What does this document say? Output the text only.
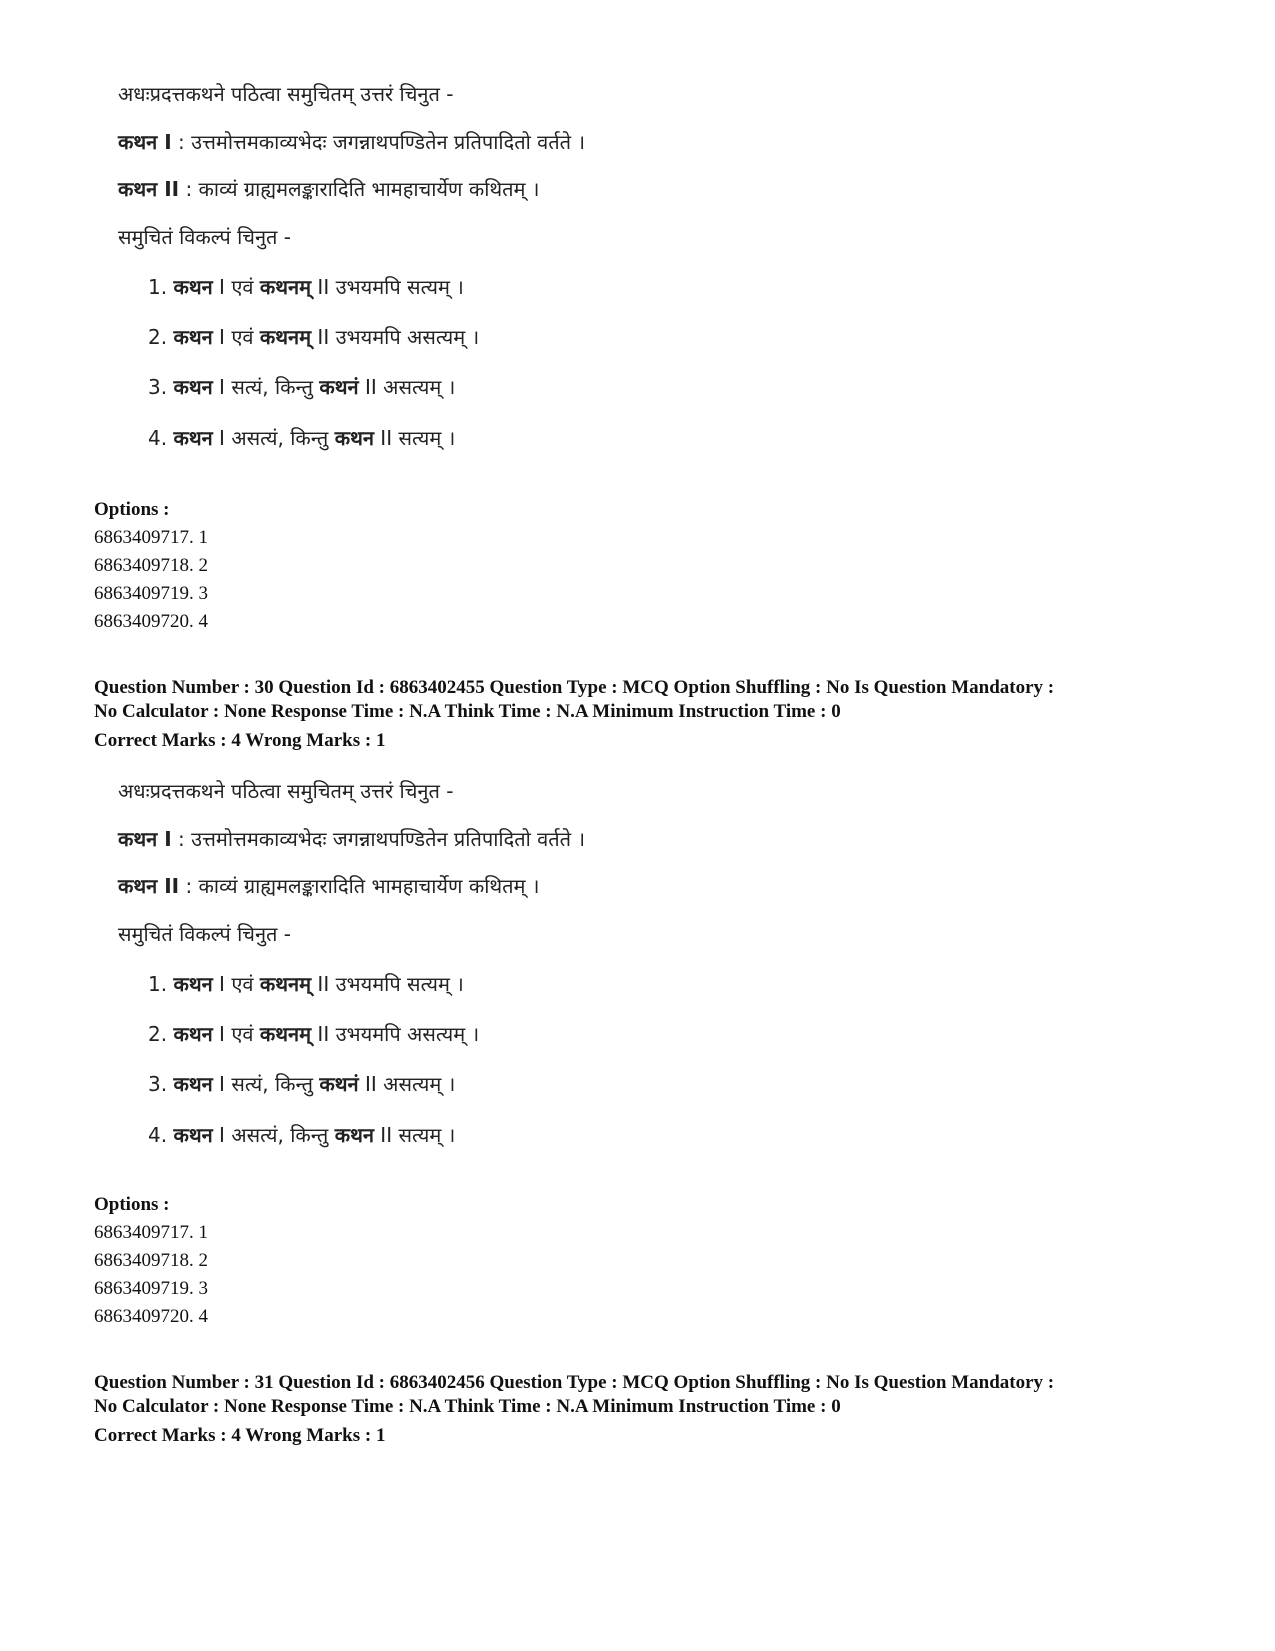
अधःप्रदत्तकथने पठित्वा समुचितम् उत्तरं चिनुत -
कथन I : उत्तमोत्तमकाव्यभेदः जगन्नाथपण्डितेन प्रतिपादितो वर्तते ।
कथन II : काव्यं ग्राह्यमलङ्कारादिति भामहाचार्येण कथितम् ।
समुचितं विकल्पं चिनुत -
1. कथन I एवं कथनम् II उभयमपि सत्यम् ।
2. कथन I एवं कथनम् II उभयमपि असत्यम् ।
3. कथन I सत्यं, किन्तु कथनं II असत्यम् ।
4. कथन I असत्यं, किन्तु कथन II सत्यम् ।
Options :
6863409717. 1
6863409718. 2
6863409719. 3
6863409720. 4
Question Number : 30 Question Id : 6863402455 Question Type : MCQ Option Shuffling : No Is Question Mandatory :
No Calculator : None Response Time : N.A Think Time : N.A Minimum Instruction Time : 0
Correct Marks : 4 Wrong Marks : 1
अधःप्रदत्तकथने पठित्वा समुचितम् उत्तरं चिनुत -
कथन I : उत्तमोत्तमकाव्यभेदः जगन्नाथपण्डितेन प्रतिपादितो वर्तते ।
कथन II : काव्यं ग्राह्यमलङ्कारादिति भामहाचार्येण कथितम् ।
समुचितं विकल्पं चिनुत -
1. कथन I एवं कथनम् II उभयमपि सत्यम् ।
2. कथन I एवं कथनम् II उभयमपि असत्यम् ।
3. कथन I सत्यं, किन्तु कथनं II असत्यम् ।
4. कथन I असत्यं, किन्तु कथन II सत्यम् ।
Options :
6863409717. 1
6863409718. 2
6863409719. 3
6863409720. 4
Question Number : 31 Question Id : 6863402456 Question Type : MCQ Option Shuffling : No Is Question Mandatory :
No Calculator : None Response Time : N.A Think Time : N.A Minimum Instruction Time : 0
Correct Marks : 4 Wrong Marks : 1
